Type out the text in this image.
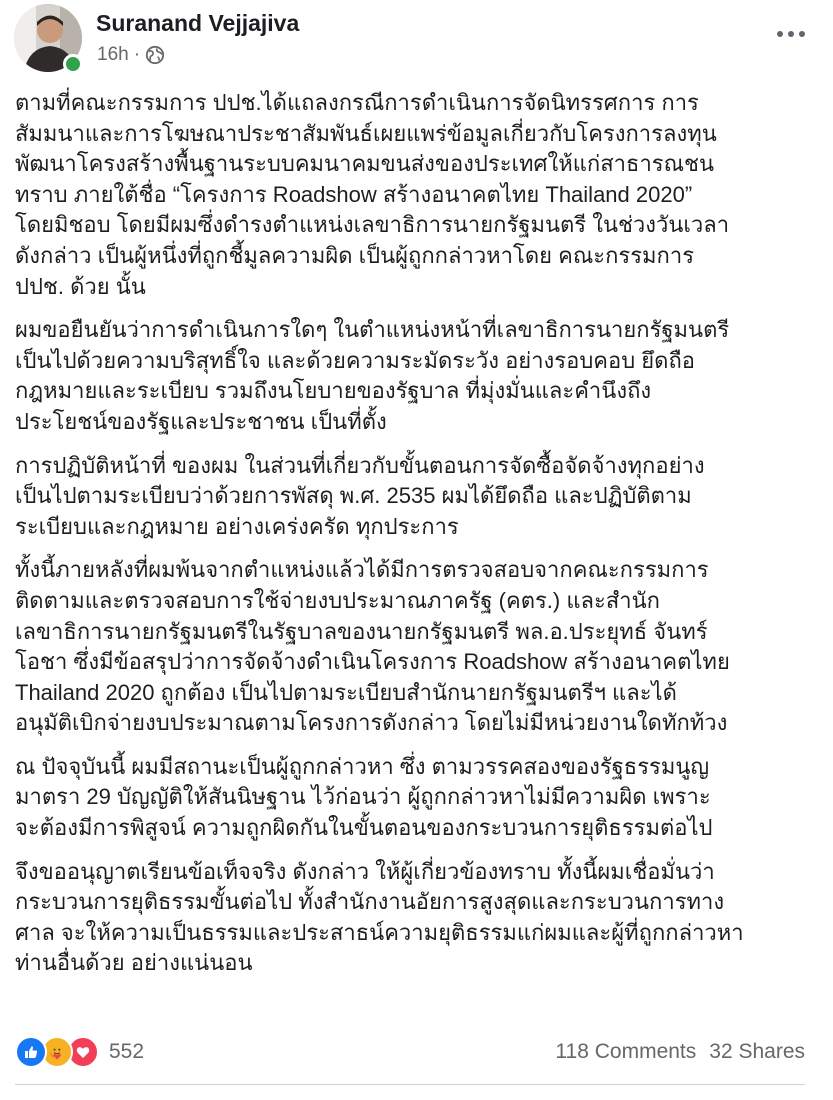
Suranand Vejjajiva
16h ·

ตามที่คณะกรรมการ ปปช.ได้แถลงกรณีการดำเนินการจัดนิทรรศการ การ
สัมมนาและการโฆษณาประชาสัมพันธ์เผยแพร่ข้อมูลเกี่ยวกับโครงการลงทุน
พัฒนาโครงสร้างพื้นฐานระบบคมนาคมขนส่งของประเทศให้แก่สาธารณชน
ทราบ ภายใต้ชื่อ “โครงการ Roadshow สร้างอนาคตไทย Thailand 2020”
โดยมิชอบ โดยมีผมซึ่งดำรงตำแหน่งเลขาธิการนายกรัฐมนตรี ในช่วงวันเวลา
ดังกล่าว เป็นผู้หนึ่งที่ถูกชี้มูลความผิด เป็นผู้ถูกกล่าวหาโดย คณะกรรมการ
ปปช. ด้วย นั้น

ผมขอยืนยันว่าการดำเนินการใดๆ ในตำแหน่งหน้าที่เลขาธิการนายกรัฐมนตรี
เป็นไปด้วยความบริสุทธิ์ใจ และด้วยความระมัดระวัง อย่างรอบคอบ ยึดถือ
กฎหมายและระเบียบ รวมถึงนโยบายของรัฐบาล ที่มุ่งมั่นและคำนึงถึง
ประโยชน์ของรัฐและประชาชน เป็นที่ตั้ง

การปฏิบัติหน้าที่ ของผม ในส่วนที่เกี่ยวกับขั้นตอนการจัดซื้อจัดจ้างทุกอย่าง
เป็นไปตามระเบียบว่าด้วยการพัสดุ พ.ศ. 2535 ผมได้ยึดถือ และปฏิบัติตาม
ระเบียบและกฎหมาย อย่างเคร่งครัด ทุกประการ

ทั้งนี้ภายหลังที่ผมพ้นจากตำแหน่งแล้วได้มีการตรวจสอบจากคณะกรรมการ
ติดตามและตรวจสอบการใช้จ่ายงบประมาณภาครัฐ (คตร.) และสำนัก
เลขาธิการนายกรัฐมนตรีในรัฐบาลของนายกรัฐมนตรี พล.อ.ประยุทธ์ จันทร์
โอชา ซึ่งมีข้อสรุปว่าการจัดจ้างดำเนินโครงการ Roadshow สร้างอนาคตไทย
Thailand 2020 ถูกต้อง เป็นไปตามระเบียบสำนักนายกรัฐมนตรีฯ และได้
อนุมัติเบิกจ่ายงบประมาณตามโครงการดังกล่าว โดยไม่มีหน่วยงานใดทักท้วง

ณ ปัจจุบันนี้ ผมมีสถานะเป็นผู้ถูกกล่าวหา ซึ่ง ตามวรรคสองของรัฐธรรมนูญ
มาตรา 29 บัญญัติให้สันนิษฐาน ไว้ก่อนว่า ผู้ถูกกล่าวหาไม่มีความผิด เพราะ
จะต้องมีการพิสูจน์ ความถูกผิดกันในขั้นตอนของกระบวนการยุติธรรมต่อไป

จึงขออนุญาตเรียนข้อเท็จจริง ดังกล่าว ให้ผู้เกี่ยวข้องทราบ ทั้งนี้ผมเชื่อมั่นว่า
กระบวนการยุติธรรมขั้นต่อไป ทั้งสำนักงานอัยการสูงสุดและกระบวนการทาง
ศาล จะให้ความเป็นธรรมและประสาธน์ความยุติธรรมแก่ผมและผู้ที่ถูกกล่าวหา
ท่านอื่นด้วย อย่างแน่นอน

552	118 Comments 32 Shares
